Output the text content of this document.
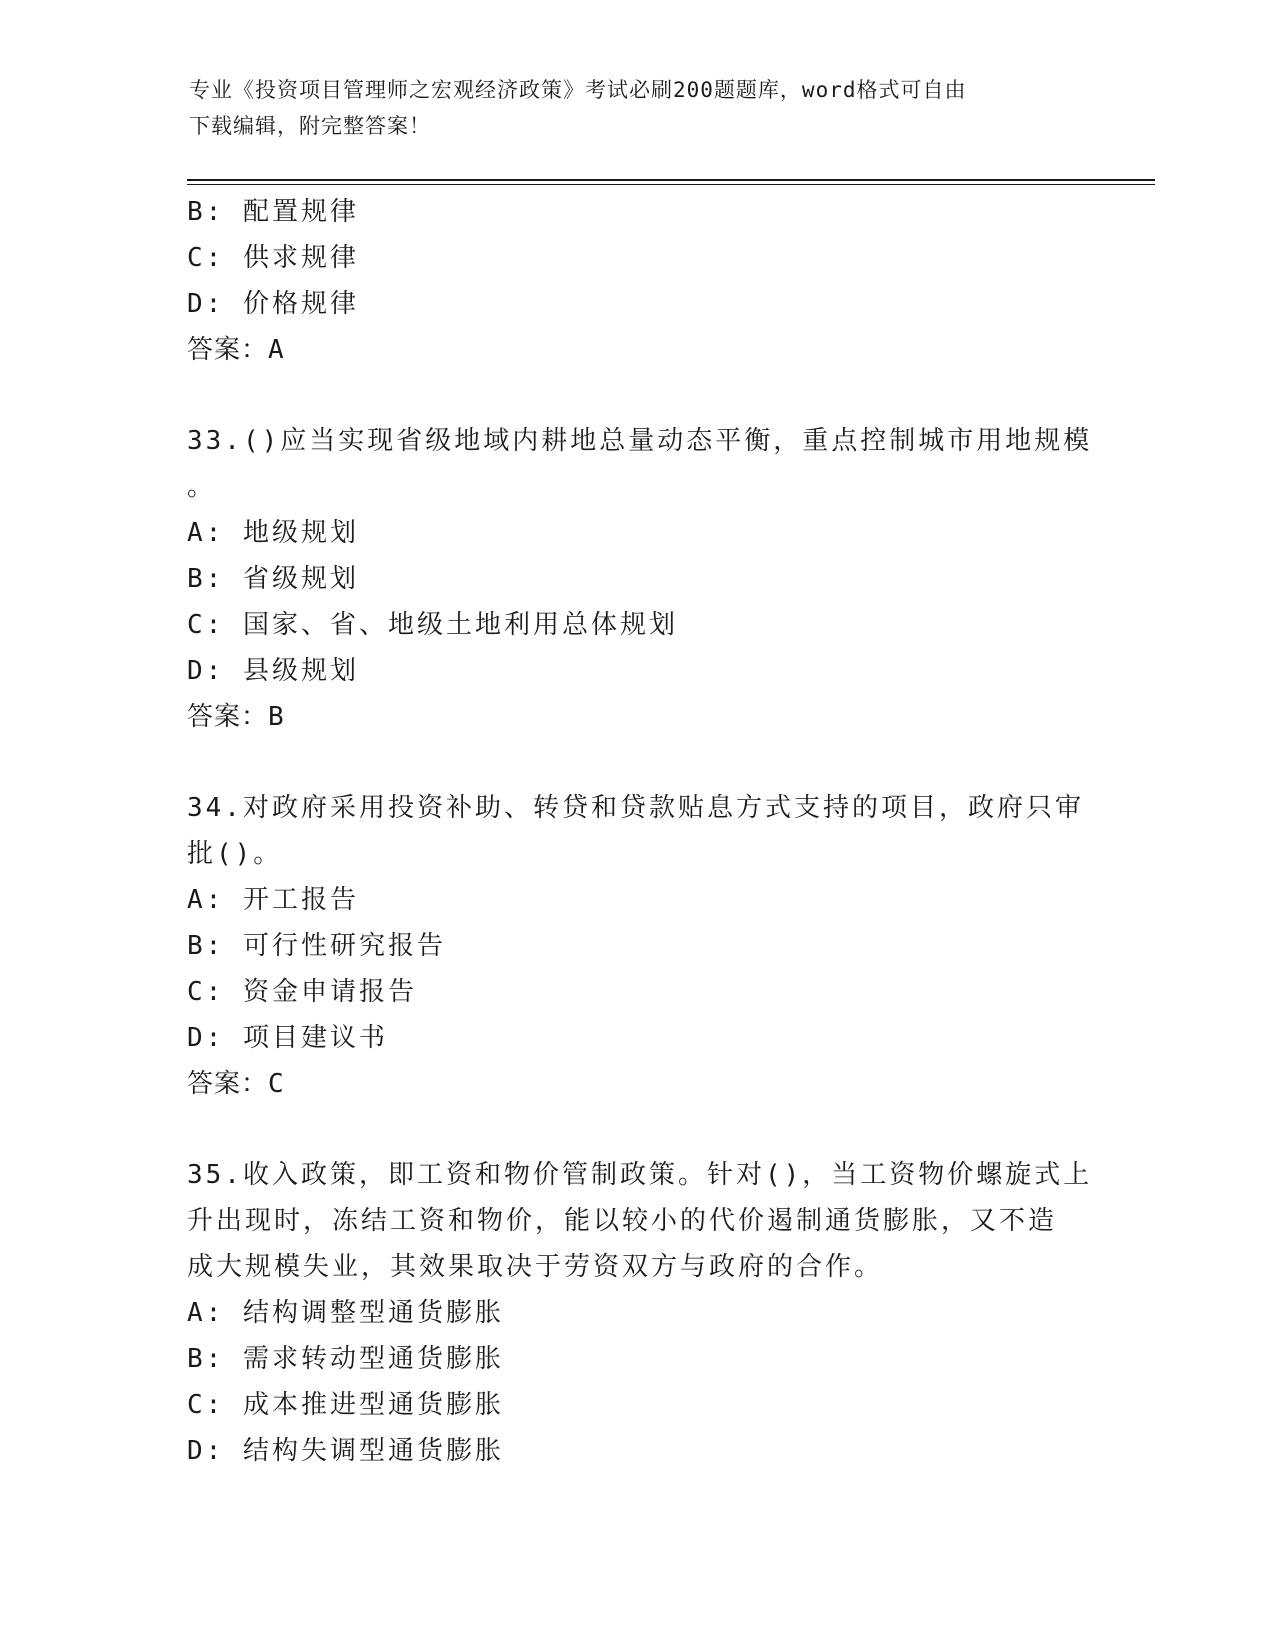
专业《投资项目管理师之宏观经济政策》考试必刷200题题库，word格式可自由
下载编辑，附完整答案！
B: 配置规律
C: 供求规律
D: 价格规律
答案：A
33.()应当实现省级地域内耕地总量动态平衡，重点控制城市用地规模
。
A: 地级规划
B: 省级规划
C: 国家、省、地级土地利用总体规划
D: 县级规划
答案：B
34.对政府采用投资补助、转贷和贷款贴息方式支持的项目，政府只审
批()。
A: 开工报告
B: 可行性研究报告
C: 资金申请报告
D: 项目建议书
答案：C
35.收入政策，即工资和物价管制政策。针对()，当工资物价螺旋式上
升出现时，冻结工资和物价，能以较小的代价遏制通货膨胀，又不造
成大规模失业，其效果取决于劳资双方与政府的合作。
A: 结构调整型通货膨胀
B: 需求转动型通货膨胀
C: 成本推进型通货膨胀
D: 结构失调型通货膨胀
